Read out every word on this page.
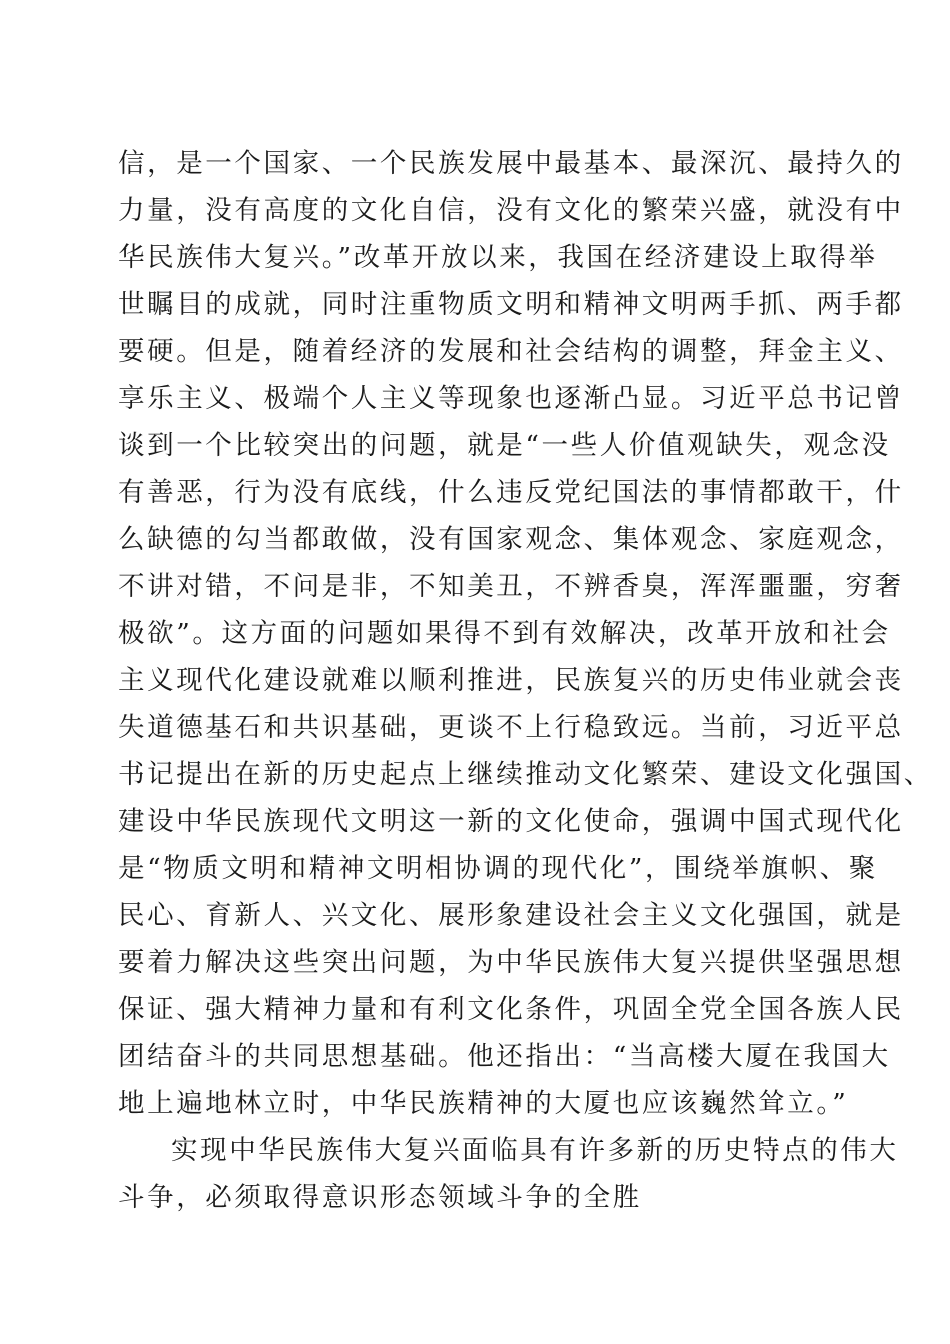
信，是一个国家、一个民族发展中最基本、最深沉、最持久的
力量，没有高度的文化自信，没有文化的繁荣兴盛，就没有中
华民族伟大复兴。”改革开放以来，我国在经济建设上取得举
世瞩目的成就，同时注重物质文明和精神文明两手抓、两手都
要硬。但是，随着经济的发展和社会结构的调整，拜金主义、
享乐主义、极端个人主义等现象也逐渐凸显。习近平总书记曾
谈到一个比较突出的问题，就是“一些人价值观缺失，观念没
有善恶，行为没有底线，什么违反党纪国法的事情都敢干，什
么缺德的勾当都敢做，没有国家观念、集体观念、家庭观念，
不讲对错，不问是非，不知美丑，不辨香臭，浑浑噩噩，穷奢
极欲”。这方面的问题如果得不到有效解决，改革开放和社会
主义现代化建设就难以顺利推进，民族复兴的历史伟业就会丧
失道德基石和共识基础，更谈不上行稳致远。当前，习近平总
书记提出在新的历史起点上继续推动文化繁荣、建设文化强国、
建设中华民族现代文明这一新的文化使命，强调中国式现代化
是“物质文明和精神文明相协调的现代化”，围绕举旗帜、聚
民心、育新人、兴文化、展形象建设社会主义文化强国，就是
要着力解决这些突出问题，为中华民族伟大复兴提供坚强思想
保证、强大精神力量和有利文化条件，巩固全党全国各族人民
团结奋斗的共同思想基础。他还指出：“当高楼大厦在我国大
地上遍地林立时，中华民族精神的大厦也应该巍然耸立。”
实现中华民族伟大复兴面临具有许多新的历史特点的伟大
斗争，必须取得意识形态领域斗争的全胜
